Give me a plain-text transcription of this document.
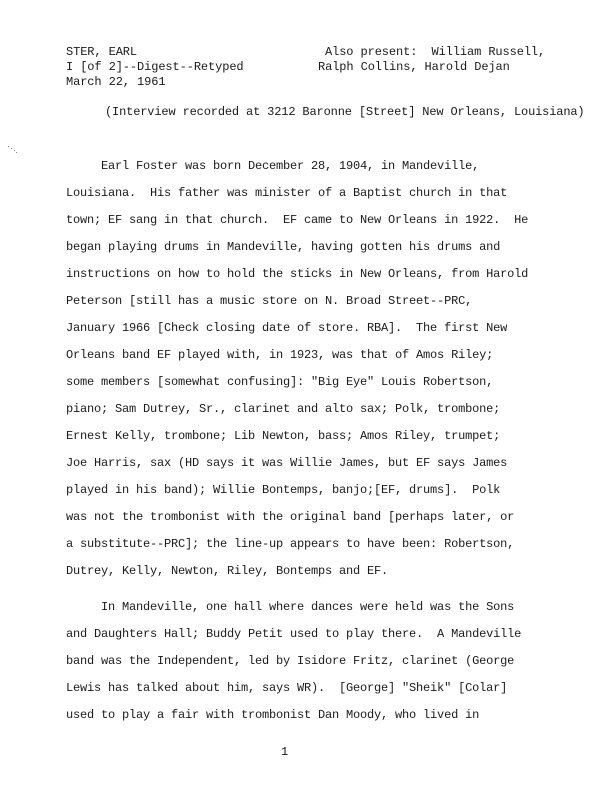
STER, EARL
I [of 2]--Digest--Retyped
March 22, 1961
Also present:  William Russell,
Ralph Collins, Harold Dejan
(Interview recorded at 3212 Baronne [Street] New Orleans, Louisiana)
Earl Foster was born December 28, 1904, in Mandeville,
Louisiana.  His father was minister of a Baptist church in that
town; EF sang in that church.  EF came to New Orleans in 1922.  He
began playing drums in Mandeville, having gotten his drums and
instructions on how to hold the sticks in New Orleans, from Harold
Peterson [still has a music store on N. Broad Street--PRC,
January 1966 [Check closing date of store. RBA].  The first New
Orleans band EF played with, in 1923, was that of Amos Riley;
some members [somewhat confusing]: "Big Eye" Louis Robertson,
piano; Sam Dutrey, Sr., clarinet and alto sax; Polk, trombone;
Ernest Kelly, trombone; Lib Newton, bass; Amos Riley, trumpet;
Joe Harris, sax (HD says it was Willie James, but EF says James
played in his band); Willie Bontemps, banjo;[EF, drums].  Polk
was not the trombonist with the original band [perhaps later, or
a substitute--PRC]; the line-up appears to have been: Robertson,
Dutrey, Kelly, Newton, Riley, Bontemps and EF.
In Mandeville, one hall where dances were held was the Sons
and Daughters Hall; Buddy Petit used to play there.  A Mandeville
band was the Independent, led by Isidore Fritz, clarinet (George
Lewis has talked about him, says WR).  [George] "Sheik" [Colar]
used to play a fair with trombonist Dan Moody, who lived in
1
